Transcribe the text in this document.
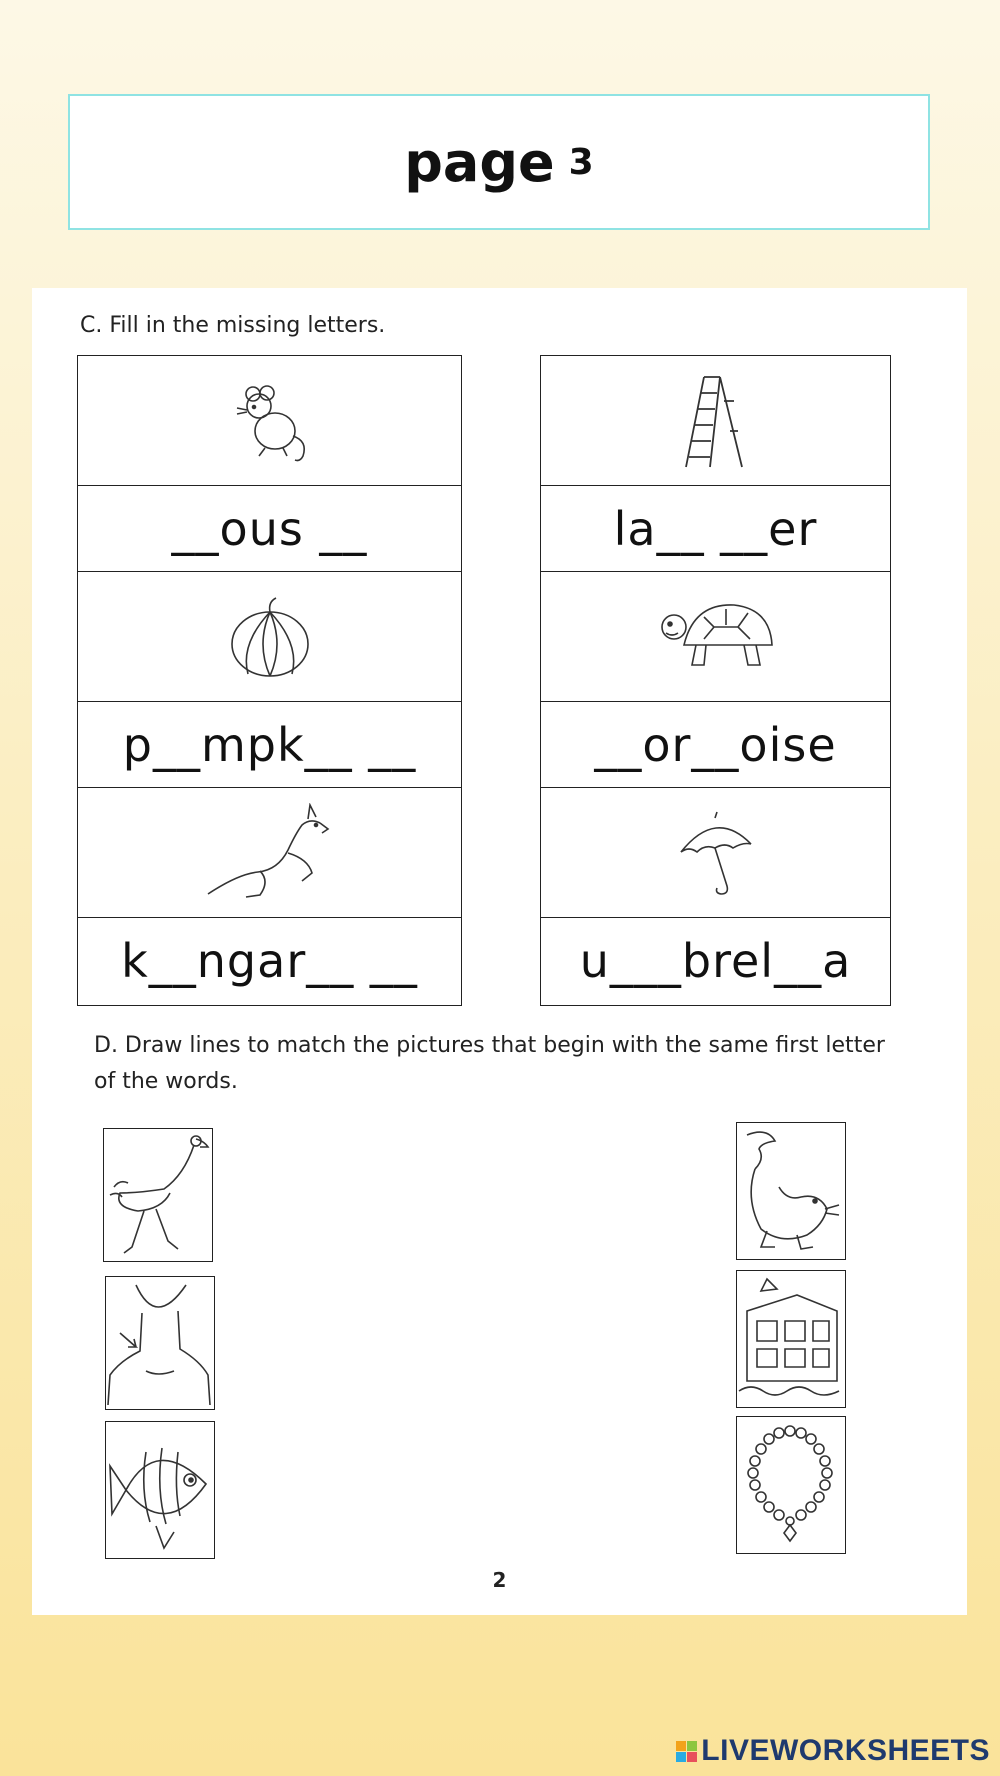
page 3
C. Fill in the missing letters.
__ous __
p__mpk__ __
k__ngar__ __
la__ __er
__or__oise
u___brel__a
D. Draw lines to match the pictures that begin with the same first letter
of the words.
2
LIVEWORKSHEETS
